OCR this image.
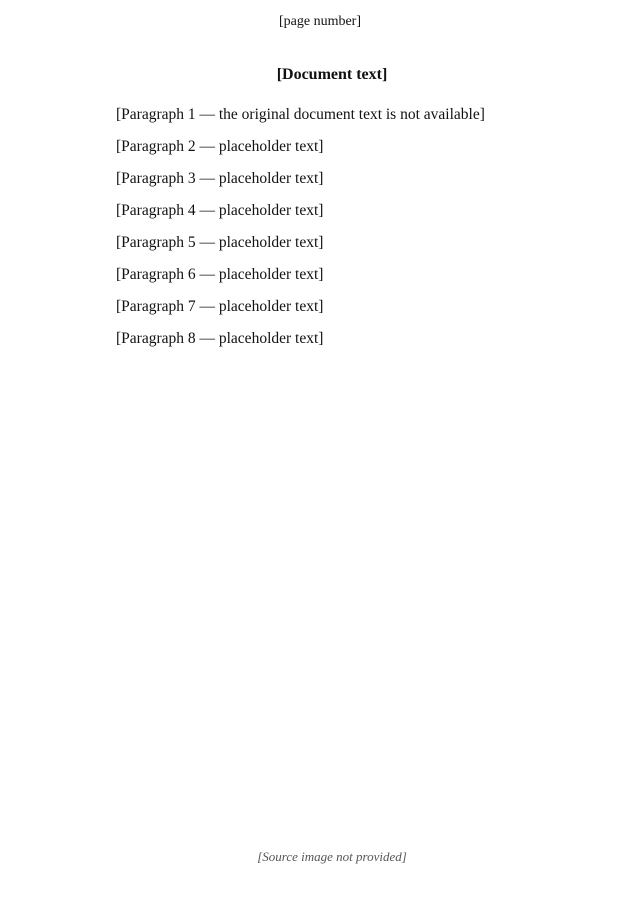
[page number]
[Document text]

[Paragraph 1 — the original document text is not available]

[Paragraph 2 — placeholder text]

[Paragraph 3 — placeholder text]

[Paragraph 4 — placeholder text]

[Paragraph 5 — placeholder text]

[Paragraph 6 — placeholder text]

[Paragraph 7 — placeholder text]

[Paragraph 8 — placeholder text]

[Source image not provided]
